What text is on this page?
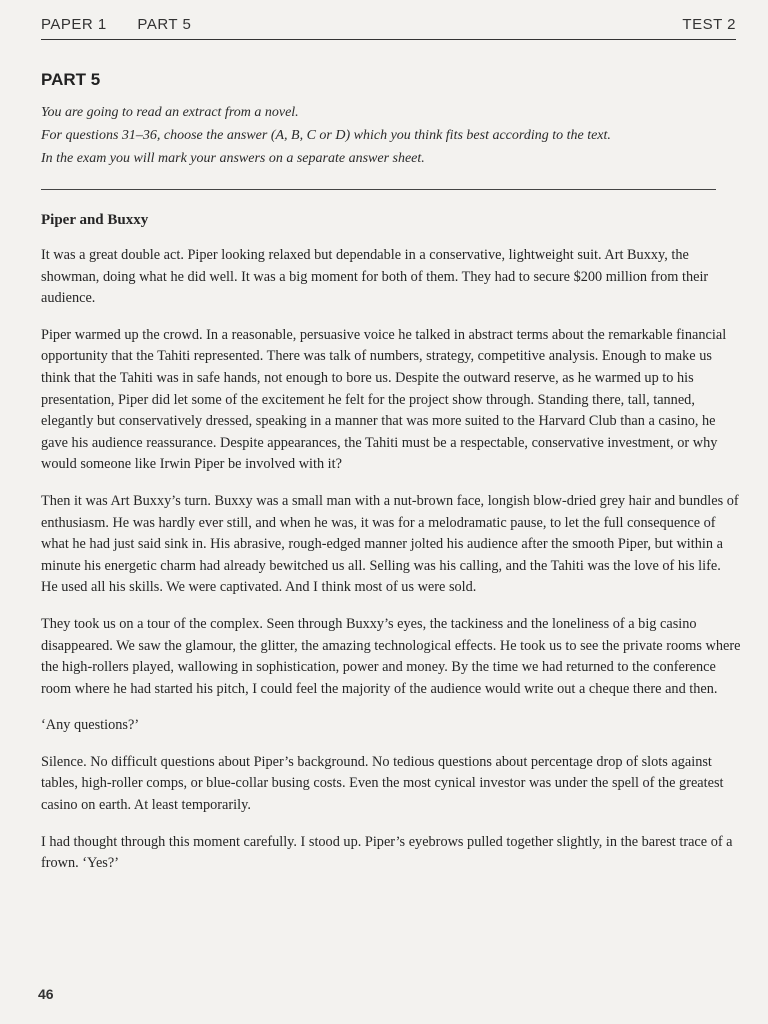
PAPER 1 PART 5	TEST 2
PART 5

You are going to read an extract from a novel.

For questions 31–36, choose the answer (A, B, C or D) which you think fits best according to the text.

In the exam you will mark your answers on a separate answer sheet.

Piper and Buxxy

It was a great double act. Piper looking relaxed but dependable in a conservative, lightweight suit. Art Buxxy, the showman, doing what he did well. It was a big moment for both of them. They had to secure $200 million from their audience.

Piper warmed up the crowd. In a reasonable, persuasive voice he talked in abstract terms about the remarkable financial opportunity that the Tahiti represented. There was talk of numbers, strategy, competitive analysis. Enough to make us think that the Tahiti was in safe hands, not enough to bore us. Despite the outward reserve, as he warmed up to his presentation, Piper did let some of the excitement he felt for the project show through. Standing there, tall, tanned, elegantly but conservatively dressed, speaking in a manner that was more suited to the Harvard Club than a casino, he gave his audience reassurance. Despite appearances, the Tahiti must be a respectable, conservative investment, or why would someone like Irwin Piper be involved with it?

Then it was Art Buxxy’s turn. Buxxy was a small man with a nut-brown face, longish blow-dried grey hair and bundles of enthusiasm. He was hardly ever still, and when he was, it was for a melodramatic pause, to let the full consequence of what he had just said sink in. His abrasive, rough-edged manner jolted his audience after the smooth Piper, but within a minute his energetic charm had already bewitched us all. Selling was his calling, and the Tahiti was the love of his life. He used all his skills. We were captivated. And I think most of us were sold.

They took us on a tour of the complex. Seen through Buxxy’s eyes, the tackiness and the loneliness of a big casino disappeared. We saw the glamour, the glitter, the amazing technological effects. He took us to see the private rooms where the high-rollers played, wallowing in sophistication, power and money. By the time we had returned to the conference room where he had started his pitch, I could feel the majority of the audience would write out a cheque there and then.

‘Any questions?’

Silence. No difficult questions about Piper’s background. No tedious questions about percentage drop of slots against tables, high-roller comps, or blue-collar busing costs. Even the most cynical investor was under the spell of the greatest casino on earth. At least temporarily.

I had thought through this moment carefully. I stood up. Piper’s eyebrows pulled together slightly, in the barest trace of a frown. ‘Yes?’

46
